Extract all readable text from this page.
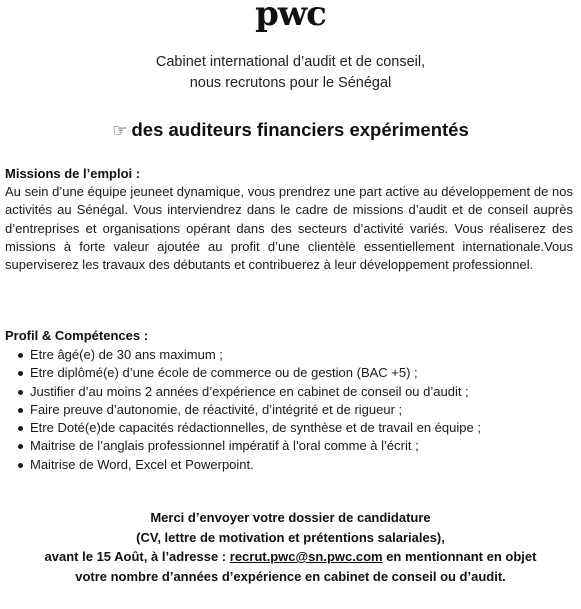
pwc
Cabinet international d’audit et de conseil,
nous recrutons pour le Sénégal
☞ des auditeurs financiers expérimentés
Missions de l’emploi :
Au sein d’une équipe jeuneet dynamique, vous prendrez une part active au développement de nos activités au Sénégal. Vous interviendrez dans le cadre de missions d’audit et de conseil auprès d’entreprises et organisations opérant dans des secteurs d’activité variés. Vous réaliserez des missions à forte valeur ajoutée au profit d’une clientèle essentiellement internationale.Vous superviserez les travaux des débutants et contribuerez à leur développement professionnel.
Profil & Compétences :
Etre âgé(e) de 30 ans maximum ;
Etre diplômé(e) d’une école de commerce ou de gestion (BAC +5) ;
Justifier d’au moins 2 années d’expérience en cabinet de conseil ou d’audit ;
Faire preuve d’autonomie, de réactivité, d’intégrité et de rigueur ;
Etre Doté(e)de capacités rédactionnelles, de synthèse et de travail en équipe ;
Maitrise de l’anglais professionnel impératif à l’oral comme à l’écrit ;
Maitrise de Word, Excel et Powerpoint.
Merci d’envoyer votre dossier de candidature
(CV, lettre de motivation et prétentions salariales),
avant le 15 Août, à l’adresse : recrut.pwc@sn.pwc.com en mentionnant en objet
votre nombre d’années d’expérience en cabinet de conseil ou d’audit.
